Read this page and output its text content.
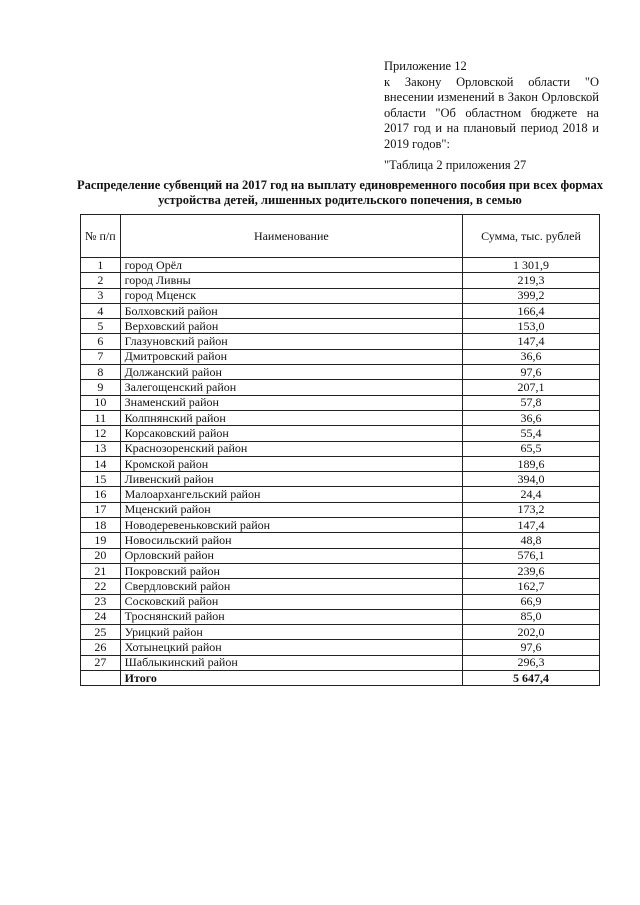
Приложение 12
к Закону Орловской области "О внесении изменений в Закон Орловской области "Об областном бюджете на 2017 год и на плановый период 2018 и 2019 годов":
"Таблица 2 приложения 27
Распределение субвенций на 2017 год на выплату единовременного пособия при всех формах устройства детей, лишенных родительского попечения, в семью
№ п/п	Наименование	Сумма, тыс. рублей
1	город Орёл	1 301,9
2	город Ливны	219,3
3	город Мценск	399,2
4	Болховский район	166,4
5	Верховский район	153,0
6	Глазуновский район	147,4
7	Дмитровский район	36,6
8	Должанский район	97,6
9	Залегощенский район	207,1
10	Знаменский район	57,8
11	Колпнянский район	36,6
12	Корсаковский район	55,4
13	Краснозоренский район	65,5
14	Кромской район	189,6
15	Ливенский район	394,0
16	Малоархангельский район	24,4
17	Мценский район	173,2
18	Новодеревеньковский район	147,4
19	Новосильский район	48,8
20	Орловский район	576,1
21	Покровский район	239,6
22	Свердловский район	162,7
23	Сосковский район	66,9
24	Троснянский район	85,0
25	Урицкий район	202,0
26	Хотынецкий район	97,6
27	Шаблыкинский район	296,3
	Итого	5 647,4
